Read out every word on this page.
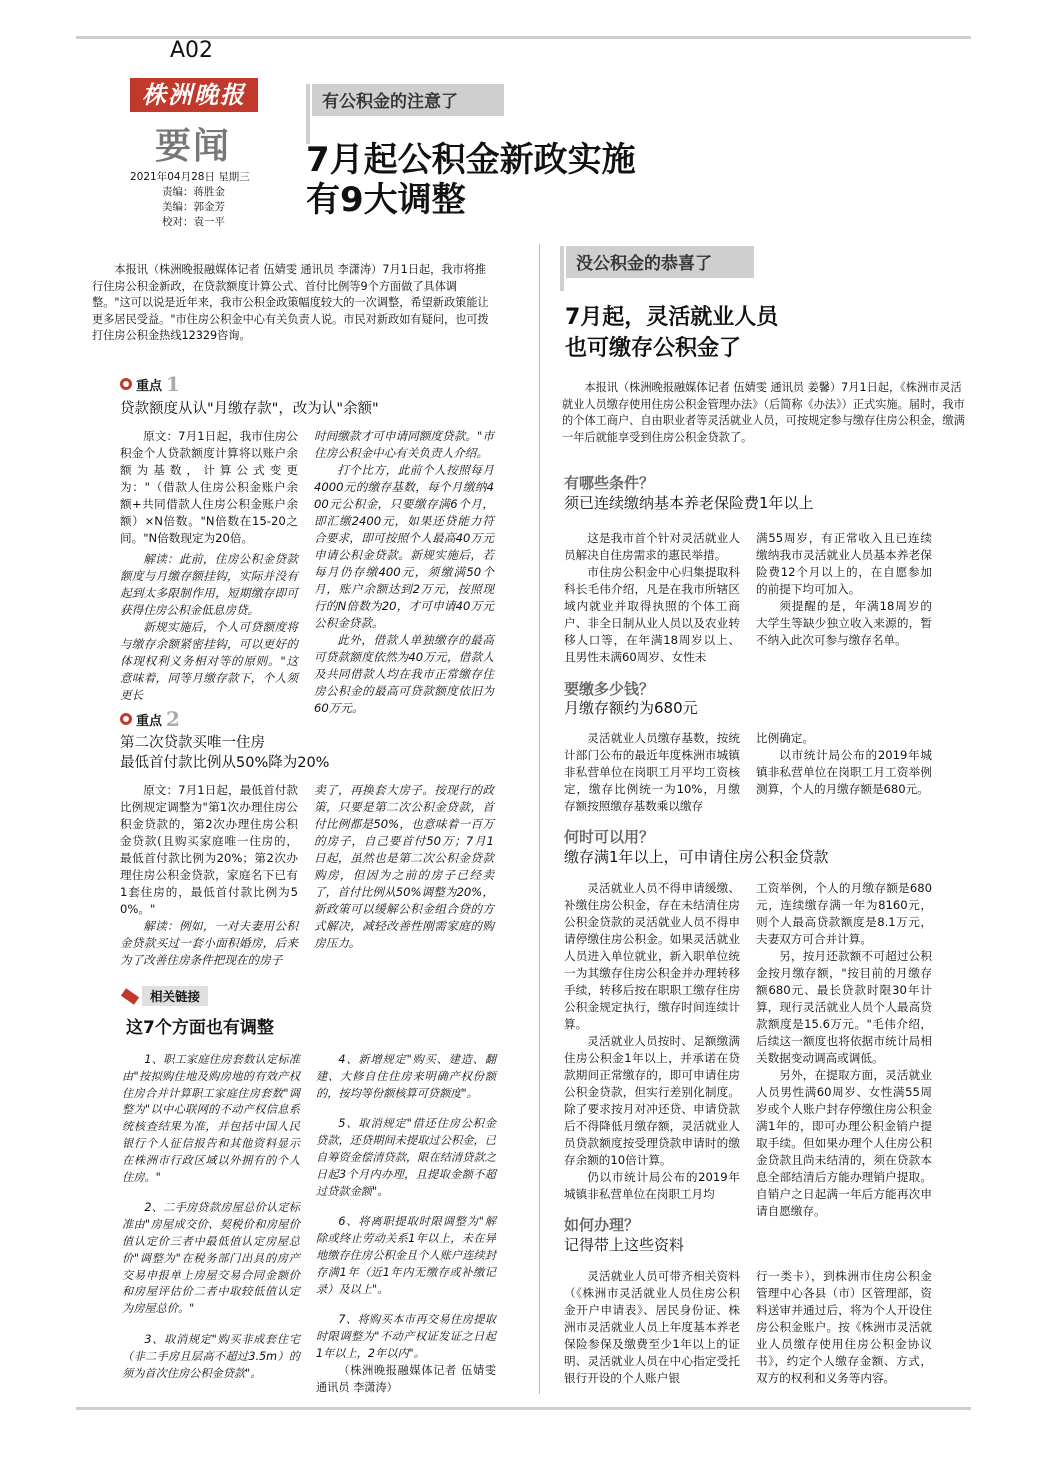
A02
株洲晚报
要闻
2021年04月28日 星期三
责编：蒋胜金
美编：郭金芳
校对：袁一平
有公积金的注意了
7月起公积金新政实施
有9大调整
本报讯（株洲晚报融媒体记者 伍婧雯 通讯员 李潇涛）7月1日起，我市将推行住房公积金新政，在贷款额度计算公式、首付比例等9个方面做了具体调整。"这可以说是近年来，我市公积金政策幅度较大的一次调整，希望新政策能让更多居民受益。"市住房公积金中心有关负责人说。市民对新政如有疑问，也可拨打住房公积金热线12329咨询。
重点 1
贷款额度从认"月缴存款"，改为认"余额"

原文：7月1日起，我市住房公积金个人贷款额度计算将以账户余额为基数，计算公式变更为："（借款人住房公积金账户余额+共同借款人住房公积金账户余额）×N倍数。"N倍数在15-20之间。"N倍数现定为20倍。

解读：此前，住房公积金贷款额度与月缴存额挂钩，实际并没有起到太多限制作用，短期缴存即可获得住房公积金低息房贷。

新规实施后，个人可贷额度将与缴存余额紧密挂钩，可以更好的体现权利义务相对等的原则。"这意味着，同等月缴存款下，个人须更长

时间缴款才可申请同额度贷款。"市住房公积金中心有关负责人介绍。

打个比方，此前个人按照每月4000元的缴存基数，每个月缴纳400元公积金，只要缴存满6个月，即汇缴2400元，如果还贷能力符合要求，即可按照个人最高40万元申请公积金贷款。新规实施后，若每月仍存缴400元，须缴满50个月，账户余额达到2万元，按照现行的N倍数为20，才可申请40万元公积金贷款。

此外，借款人单独缴存的最高可贷款额度依然为40万元，借款人及共同借款人均在我市正常缴存住房公积金的最高可贷款额度依旧为60万元。

重点 2
第二次贷款买唯一住房
最低首付款比例从50%降为20%

原文：7月1日起，最低首付款比例规定调整为"第1次办理住房公积金贷款的，第2次办理住房公积金贷款(且购买家庭唯一住房的，最低首付款比例为20%；第2次办理住房公积金贷款，家庭名下已有1套住房的，最低首付款比例为50%。"

解读：例如，一对夫妻用公积金贷款买过一套小面积婚房，后来为了改善住房条件把现在的房子

卖了，再换套大房子。按现行的政策，只要是第二次公积金贷款，首付比例都是50%，也意味着一百万的房子，自己要首付50万；7月1日起，虽然也是第二次公积金贷款购房，但因为之前的房子已经卖了，首付比例从50%调整为20%，新政策可以缓解公积金组合贷的方式解决，减轻改善性刚需家庭的购房压力。

相关链接
这7个方面也有调整

1、职工家庭住房套数认定标准由"按拟购住地及购房地的有效产权住房合并计算职工家庭住房套数"调整为"以中心联网的不动产权信息系统核查结果为准，并包括中国人民银行个人征信报告和其他资料显示在株洲市行政区域以外拥有的个人住房。"

2、二手房贷款房屋总价认定标准由"房屋成交价、契税价和房屋价值认定价三者中最低值认定房屋总价"调整为"在税务部门出具的房产交易申报单上房屋交易合同金额价和房屋评估价二者中取较低值认定为房屋总价。"

3、取消规定"购买非成套住宅（非二手房且层高不超过3.5m）的须为首次住房公积金贷款"。

4、新增规定"购买、建造、翻建、大修自住住房来明确产权份额的，按均等份额核算可贷额度"。

5、取消规定"借还住房公积金贷款，还贷期间未提取过公积金，已自筹资金偿清贷款，限在结清贷款之日起3个月内办理，且提取金额不超过贷款金额"。

6、将离职提取时限调整为"解除或终止劳动关系1年以上，未在异地缴存住房公积金且个人账户连续封存满1年（近1年内无缴存或补缴记录）及以上"。

7、将购买本市再交易住房提取时限调整为"不动产权证发证之日起1年以上，2年以内"。

（株洲晚报融媒体记者 伍婧雯 通讯员 李潇涛）

没公积金的恭喜了
7月起，灵活就业人员
也可缴存公积金了
本报讯（株洲晚报融媒体记者 伍婧雯 通讯员 姜馨）7月1日起，《株洲市灵活就业人员缴存使用住房公积金管理办法》（后简称《办法》）正式实施。届时，我市的个体工商户、自由职业者等灵活就业人员，可按规定参与缴存住房公积金，缴满一年后就能享受到住房公积金贷款了。
有哪些条件？
须已连续缴纳基本养老保险费1年以上

这是我市首个针对灵活就业人员解决自住房需求的惠民举措。

市住房公积金中心归集提取科科长毛伟介绍，凡是在我市所辖区域内就业并取得执照的个体工商户、非全日制从业人员以及农业转移人口等，在年满18周岁以上、且男性未满60周岁、女性未

满55周岁，有正常收入且已连续缴纳我市灵活就业人员基本养老保险费12个月以上的，在自愿参加的前提下均可加入。

须提醒的是，年满18周岁的大学生等缺少独立收入来源的，暂不纳入此次可参与缴存名单。

要缴多少钱？
月缴存额约为680元

灵活就业人员缴存基数，按统计部门公布的最近年度株洲市城镇非私营单位在岗职工月平均工资核定，缴存比例统一为10%，月缴存额按照缴存基数乘以缴存

比例确定。

以市统计局公布的2019年城镇非私营单位在岗职工月工资举例测算，个人的月缴存额是680元。

何时可以用？
缴存满1年以上，可申请住房公积金贷款

灵活就业人员不得申请缓缴、补缴住房公积金，存在未结清住房公积金贷款的灵活就业人员不得申请停缴住房公积金。如果灵活就业人员进入单位就业，新入职单位统一为其缴存住房公积金并办理转移手续，转移后按在职职工缴存住房公积金规定执行，缴存时间连续计算。

灵活就业人员按时、足额缴满住房公积金1年以上，并承诺在贷款期间正常缴存的，即可申请住房公积金贷款，但实行差别化制度。除了要求按月对冲还贷、申请贷款后不得降低月缴存额，灵活就业人员贷款额度按受理贷款申请时的缴存余额的10倍计算。

仍以市统计局公布的2019年城镇非私营单位在岗职工月均

工资举例，个人的月缴存额是680元，连续缴存满一年为8160元，则个人最高贷款额度是8.1万元，夫妻双方可合并计算。

另，按月还款额不可超过公积金按月缴存额，"按目前的月缴存额680元、最长贷款时限30年计算，现行灵活就业人员个人最高贷款额度是15.6万元。"毛伟介绍，后续这一额度也将依据市统计局相关数据变动调高或调低。

另外，在提取方面，灵活就业人员男性满60周岁、女性满55周岁或个人账户封存停缴住房公积金满1年的，即可办理公积金销户提取手续。但如果办理个人住房公积金贷款且尚未结清的，须在贷款本息全部结清后方能办理销户提取。自销户之日起满一年后方能再次申请自愿缴存。

如何办理？
记得带上这些资料

灵活就业人员可带齐相关资料（《株洲市灵活就业人员住房公积金开户申请表》、居民身份证、株洲市灵活就业人员上年度基本养老保险参保及缴费至少1年以上的证明、灵活就业人员在中心指定受托银行开设的个人账户银

行一类卡），到株洲市住房公积金管理中心各县（市）区管理部，资料送审并通过后，将为个人开设住房公积金账户。按《株洲市灵活就业人员缴存使用住房公积金协议书》，约定个人缴存金额、方式，双方的权利和义务等内容。
